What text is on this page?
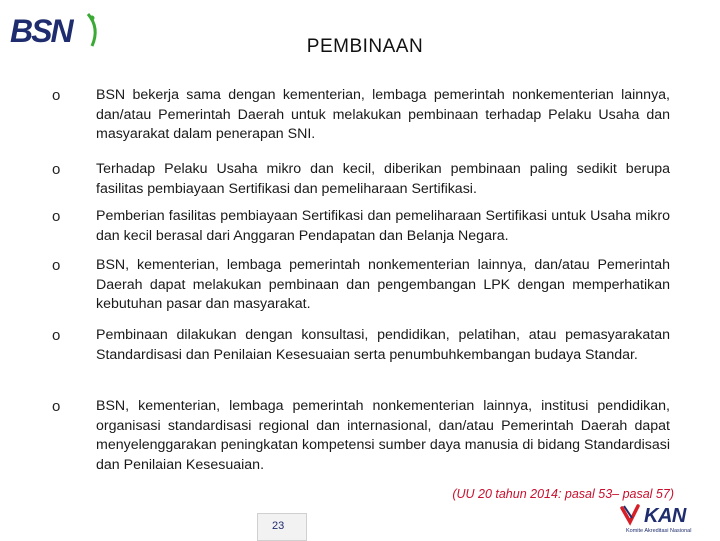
BSN	PEMBINAAN
o	BSN bekerja sama dengan kementerian, lembaga pemerintah nonkementerian lainnya, dan/atau Pemerintah Daerah untuk melakukan pembinaan terhadap Pelaku Usaha dan masyarakat dalam penerapan SNI.
o	Terhadap Pelaku Usaha mikro dan kecil, diberikan pembinaan paling sedikit berupa fasilitas pembiayaan Sertifikasi dan pemeliharaan Sertifikasi.
o	Pemberian fasilitas pembiayaan Sertifikasi dan pemeliharaan Sertifikasi untuk Usaha mikro dan kecil berasal dari Anggaran Pendapatan dan Belanja Negara.
o	BSN, kementerian, lembaga pemerintah nonkementerian lainnya, dan/atau Pemerintah Daerah dapat melakukan pembinaan dan pengembangan LPK dengan memperhatikan kebutuhan pasar dan masyarakat.
o	Pembinaan dilakukan dengan konsultasi, pendidikan, pelatihan, atau pemasyarakatan Standardisasi dan Penilaian Kesesuaian serta penumbuhkembangan budaya Standar.
o	BSN, kementerian, lembaga pemerintah nonkementerian lainnya, institusi pendidikan, organisasi standardisasi regional dan internasional, dan/atau Pemerintah Daerah dapat menyelenggarakan peningkatan kompetensi sumber daya manusia di bidang Standardisasi dan Penilaian Kesesuaian.
(UU 20 tahun 2014: pasal 53– pasal 57)
23	KAN
Komite Akreditasi Nasional
